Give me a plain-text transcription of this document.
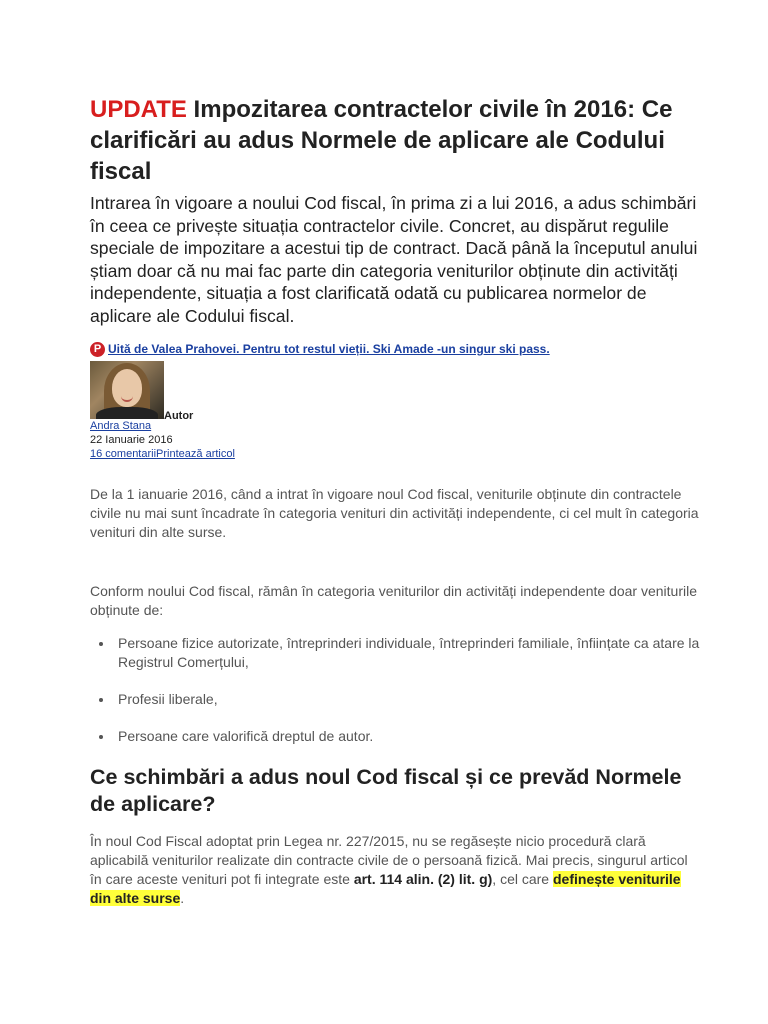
UPDATE Impozitarea contractelor civile în 2016: Ce clarificări au adus Normele de aplicare ale Codului fiscal

Intrarea în vigoare a noului Cod fiscal, în prima zi a lui 2016, a adus schimbări în ceea ce privește situația contractelor civile. Concret, au dispărut regulile speciale de impozitare a acestui tip de contract. Dacă până la începutul anului știam doar că nu mai fac parte din categoria veniturilor obținute din activități independente, situația a fost clarificată odată cu publicarea normelor de aplicare ale Codului fiscal.

P Uită de Valea Prahovei. Pentru tot restul vieții. Ski Amade -un singur ski pass.
Autor
Andra Stana
22 Ianuarie 2016
16 comentariiPrintează articol

De la 1 ianuarie 2016, când a intrat în vigoare noul Cod fiscal, veniturile obținute din contractele civile nu mai sunt încadrate în categoria venituri din activități independente, ci cel mult în categoria venituri din alte surse.

Conform noului Cod fiscal, rămân în categoria veniturilor din activități independente doar veniturile obținute de:

• Persoane fizice autorizate, întreprinderi individuale, întreprinderi familiale, înființate ca atare la Registrul Comerțului,
• Profesii liberale,
• Persoane care valorifică dreptul de autor.
Ce schimbări a adus noul Cod fiscal și ce prevăd Normele de aplicare?

În noul Cod Fiscal adoptat prin Legea nr. 227/2015, nu se regăsește nicio procedură clară aplicabilă veniturilor realizate din contracte civile de o persoană fizică. Mai precis, singurul articol în care aceste venituri pot fi integrate este art. 114 alin. (2) lit. g), cel care definește veniturile din alte surse.
